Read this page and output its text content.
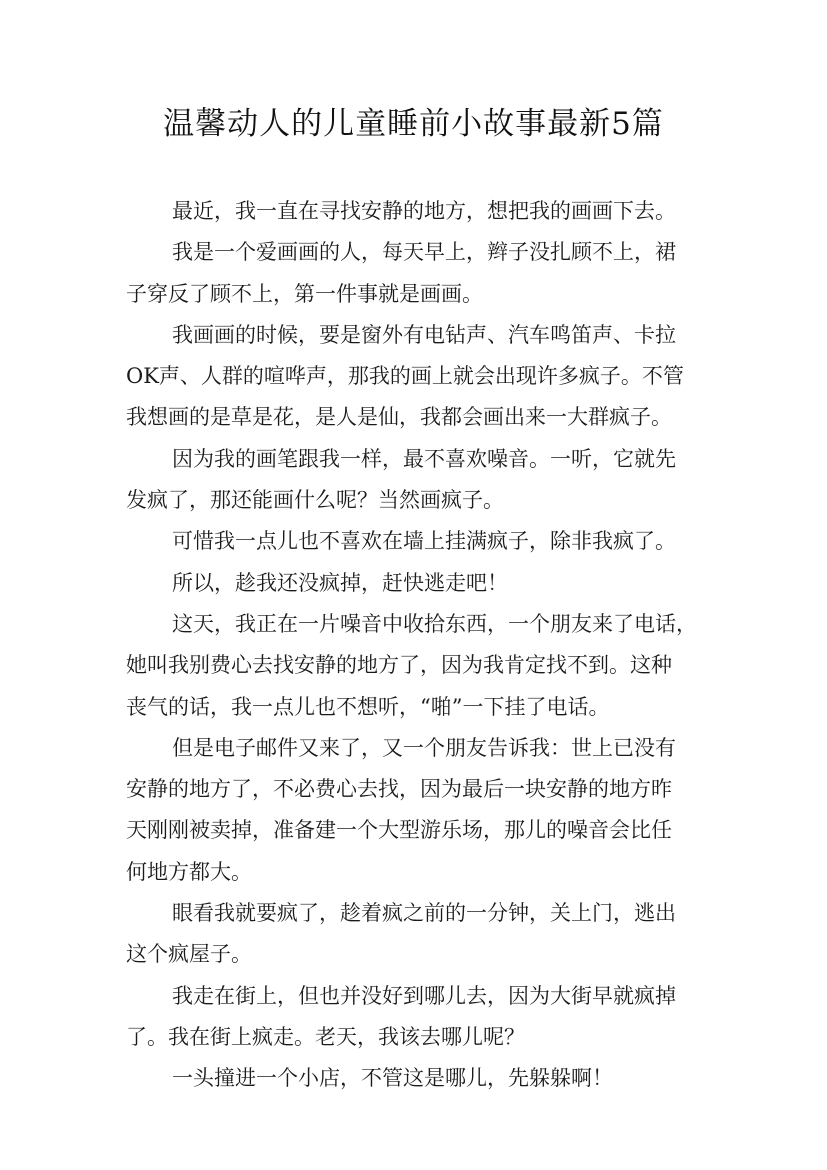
温馨动人的儿童睡前小故事最新5篇
最近，我一直在寻找安静的地方，想把我的画画下去。
我是一个爱画画的人，每天早上，辫子没扎顾不上，裙
子穿反了顾不上，第一件事就是画画。
我画画的时候，要是窗外有电钻声、汽车鸣笛声、卡拉
OK声、人群的喧哗声，那我的画上就会出现许多疯子。不管
我想画的是草是花，是人是仙，我都会画出来一大群疯子。
因为我的画笔跟我一样，最不喜欢噪音。一听，它就先
发疯了，那还能画什么呢？当然画疯子。
可惜我一点儿也不喜欢在墙上挂满疯子，除非我疯了。
所以，趁我还没疯掉，赶快逃走吧！
这天，我正在一片噪音中收拾东西，一个朋友来了电话，
她叫我别费心去找安静的地方了，因为我肯定找不到。这种
丧气的话，我一点儿也不想听，“啪”一下挂了电话。
但是电子邮件又来了，又一个朋友告诉我：世上已没有
安静的地方了，不必费心去找，因为最后一块安静的地方昨
天刚刚被卖掉，准备建一个大型游乐场，那儿的噪音会比任
何地方都大。
眼看我就要疯了，趁着疯之前的一分钟，关上门，逃出
这个疯屋子。
我走在街上，但也并没好到哪儿去，因为大街早就疯掉
了。我在街上疯走。老天，我该去哪儿呢？
一头撞进一个小店，不管这是哪儿，先躲躲啊！
